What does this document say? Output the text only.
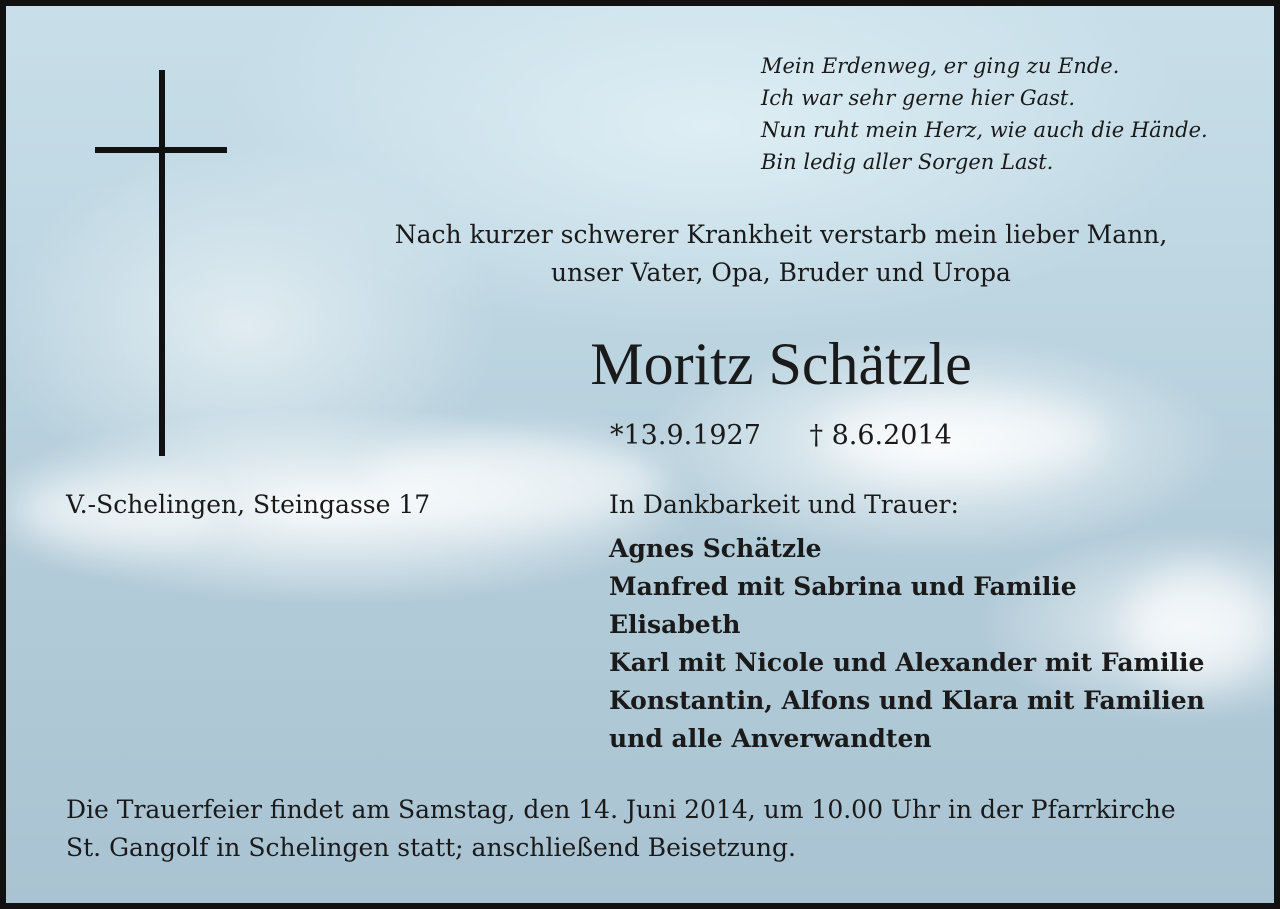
Mein Erdenweg, er ging zu Ende.
Ich war sehr gerne hier Gast.
Nun ruht mein Herz, wie auch die Hände.
Bin ledig aller Sorgen Last.
Nach kurzer schwerer Krankheit verstarb mein lieber Mann,
unser Vater, Opa, Bruder und Uropa
Moritz Schätzle
*13.9.1927 † 8.6.2014
V.-Schelingen, Steingasse 17	In Dankbarkeit und Trauer:
Agnes Schätzle
Manfred mit Sabrina und Familie
Elisabeth
Karl mit Nicole und Alexander mit Familie
Konstantin, Alfons und Klara mit Familien
und alle Anverwandten
Die Trauerfeier findet am Samstag, den 14. Juni 2014, um 10.00 Uhr in der Pfarrkirche
St. Gangolf in Schelingen statt; anschließend Beisetzung.
